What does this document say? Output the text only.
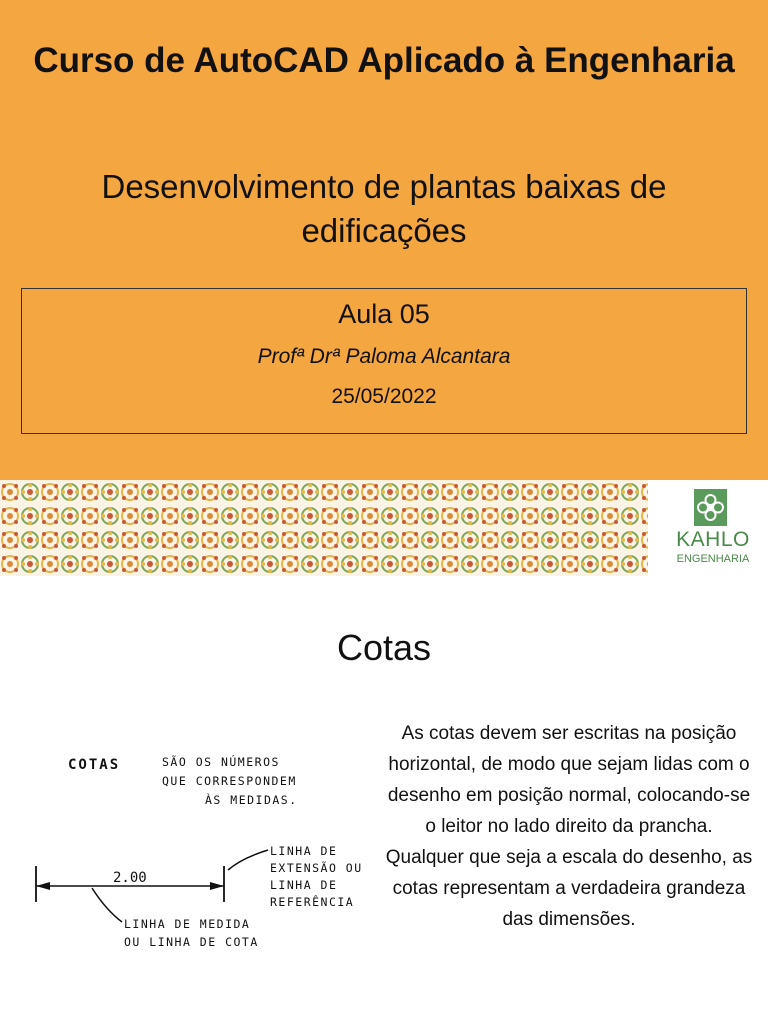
Curso de AutoCAD Aplicado à Engenharia
Desenvolvimento de plantas baixas de edificações
Aula 05
Profª Drª Paloma Alcantara
25/05/2022
KAHLO
ENGENHARIA
Cotas
COTAS	SÃO OS NÚMEROS
QUE CORRESPONDEM
ÀS MEDIDAS.
2.00
LINHA DE
EXTENSÃO OU
LINHA DE
REFERÊNCIA
LINHA DE MEDIDA
OU LINHA DE COTA
As cotas devem ser escritas na posição horizontal, de modo que sejam lidas com o desenho em posição normal, colocando-se o leitor no lado direito da prancha. Qualquer que seja a escala do desenho, as cotas representam a verdadeira grandeza das dimensões.
